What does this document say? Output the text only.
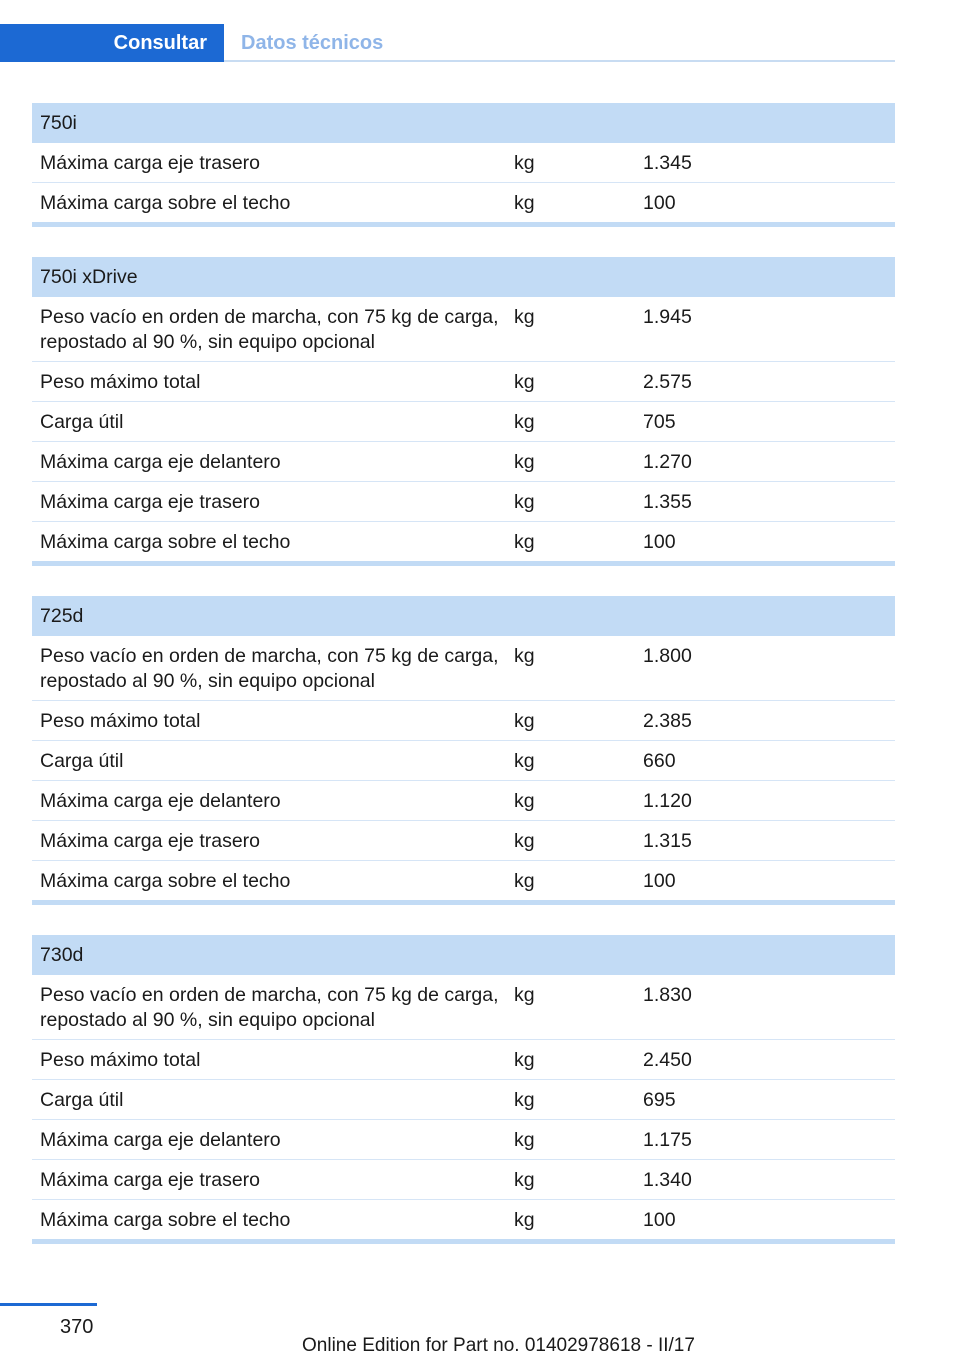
Consultar	Datos técnicos
750i
Máxima carga eje trasero	kg	1.345
Máxima carga sobre el techo	kg	100
750i xDrive
Peso vacío en orden de marcha, con 75 kg de carga, repostado al 90 %, sin equipo opcional
kg	1.945
Peso máximo total	kg	2.575
Carga útil	kg	705
Máxima carga eje delantero	kg	1.270
Máxima carga eje trasero	kg	1.355
Máxima carga sobre el techo	kg	100
725d
Peso vacío en orden de marcha, con 75 kg de carga, repostado al 90 %, sin equipo opcional
kg	1.800
Peso máximo total	kg	2.385
Carga útil	kg	660
Máxima carga eje delantero	kg	1.120
Máxima carga eje trasero	kg	1.315
Máxima carga sobre el techo	kg	100
730d
Peso vacío en orden de marcha, con 75 kg de carga, repostado al 90 %, sin equipo opcional
kg	1.830
Peso máximo total	kg	2.450
Carga útil	kg	695
Máxima carga eje delantero	kg	1.175
Máxima carga eje trasero	kg	1.340
Máxima carga sobre el techo	kg	100
370
Online Edition for Part no. 01402978618 - II/17
